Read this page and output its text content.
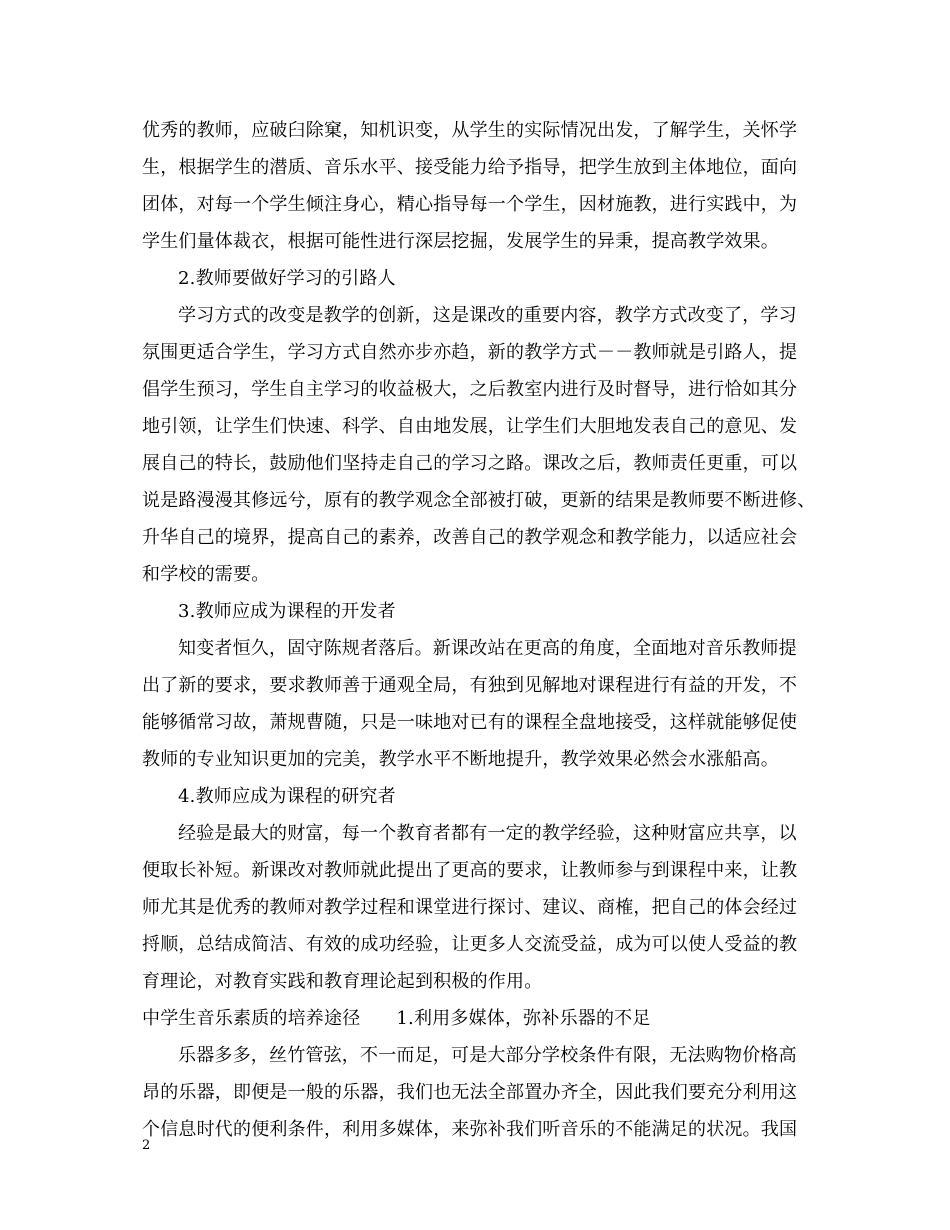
优秀的教师，应破臼除窠，知机识变，从学生的实际情况出发，了解学生，关怀学
生，根据学生的潜质、音乐水平、接受能力给予指导，把学生放到主体地位，面向
团体，对每一个学生倾注身心，精心指导每一个学生，因材施教，进行实践中，为
学生们量体裁衣，根据可能性进行深层挖掘，发展学生的异秉，提高教学效果。
2.教师要做好学习的引路人
学习方式的改变是教学的创新，这是课改的重要内容，教学方式改变了，学习
氛围更适合学生，学习方式自然亦步亦趋，新的教学方式－－教师就是引路人，提
倡学生预习，学生自主学习的收益极大，之后教室内进行及时督导，进行恰如其分
地引领，让学生们快速、科学、自由地发展，让学生们大胆地发表自己的意见、发
展自己的特长，鼓励他们坚持走自己的学习之路。课改之后，教师责任更重，可以
说是路漫漫其修远兮，原有的教学观念全部被打破，更新的结果是教师要不断进修、
升华自己的境界，提高自己的素养，改善自己的教学观念和教学能力，以适应社会
和学校的需要。
3.教师应成为课程的开发者
知变者恒久，固守陈规者落后。新课改站在更高的角度，全面地对音乐教师提
出了新的要求，要求教师善于通观全局，有独到见解地对课程进行有益的开发，不
能够循常习故，萧规曹随，只是一味地对已有的课程全盘地接受，这样就能够促使
教师的专业知识更加的完美，教学水平不断地提升，教学效果必然会水涨船高。
4.教师应成为课程的研究者
经验是最大的财富，每一个教育者都有一定的教学经验，这种财富应共享，以
便取长补短。新课改对教师就此提出了更高的要求，让教师参与到课程中来，让教
师尤其是优秀的教师对教学过程和课堂进行探讨、建议、商榷，把自己的体会经过
捋顺，总结成简洁、有效的成功经验，让更多人交流受益，成为可以使人受益的教
育理论，对教育实践和教育理论起到积极的作用。
中学生音乐素质的培养途径 1.利用多媒体，弥补乐器的不足
乐器多多，丝竹管弦，不一而足，可是大部分学校条件有限，无法购物价格高
昂的乐器，即便是一般的乐器，我们也无法全部置办齐全，因此我们要充分利用这
个信息时代的便利条件，利用多媒体，来弥补我们听音乐的不能满足的状况。我国
2
